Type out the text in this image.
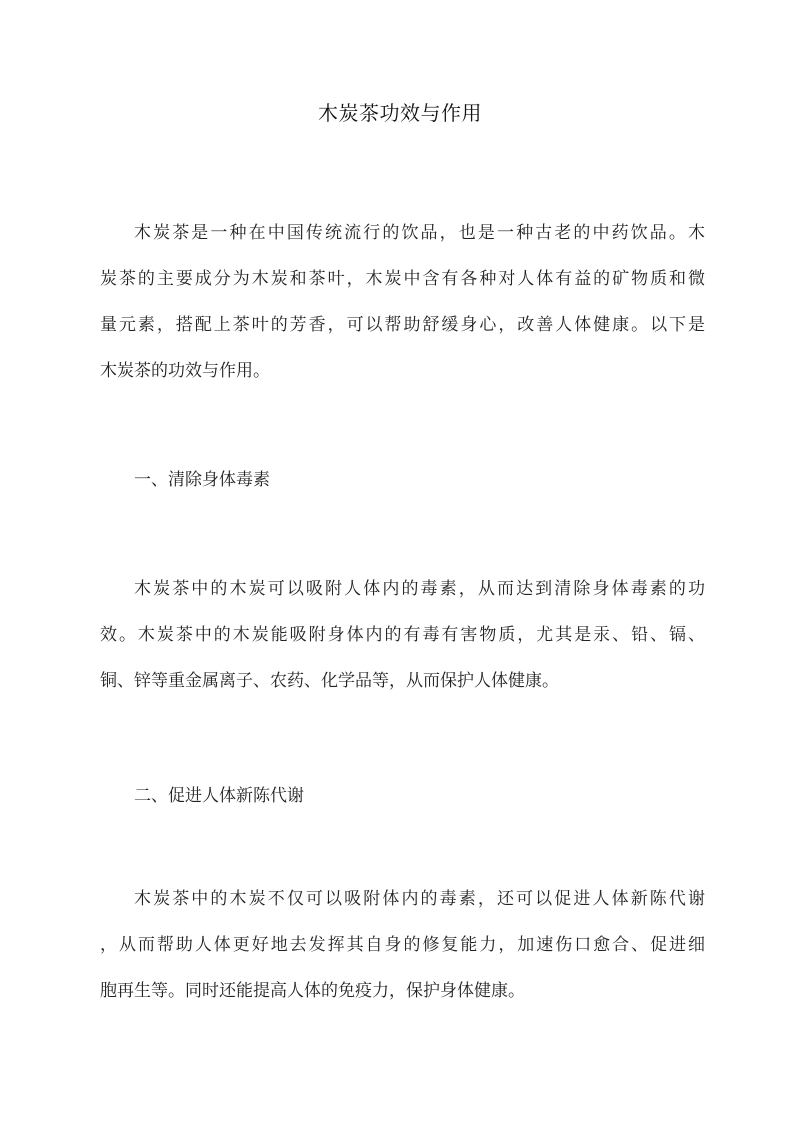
木炭茶功效与作用
木炭茶是一种在中国传统流行的饮品，也是一种古老的中药饮品。木
炭茶的主要成分为木炭和茶叶，木炭中含有各种对人体有益的矿物质和微
量元素，搭配上茶叶的芳香，可以帮助舒缓身心，改善人体健康。以下是
木炭茶的功效与作用。
一、清除身体毒素
木炭茶中的木炭可以吸附人体内的毒素，从而达到清除身体毒素的功
效。木炭茶中的木炭能吸附身体内的有毒有害物质，尤其是汞、铅、镉、
铜、锌等重金属离子、农药、化学品等，从而保护人体健康。
二、促进人体新陈代谢
木炭茶中的木炭不仅可以吸附体内的毒素，还可以促进人体新陈代谢
，从而帮助人体更好地去发挥其自身的修复能力，加速伤口愈合、促进细
胞再生等。同时还能提高人体的免疫力，保护身体健康。
